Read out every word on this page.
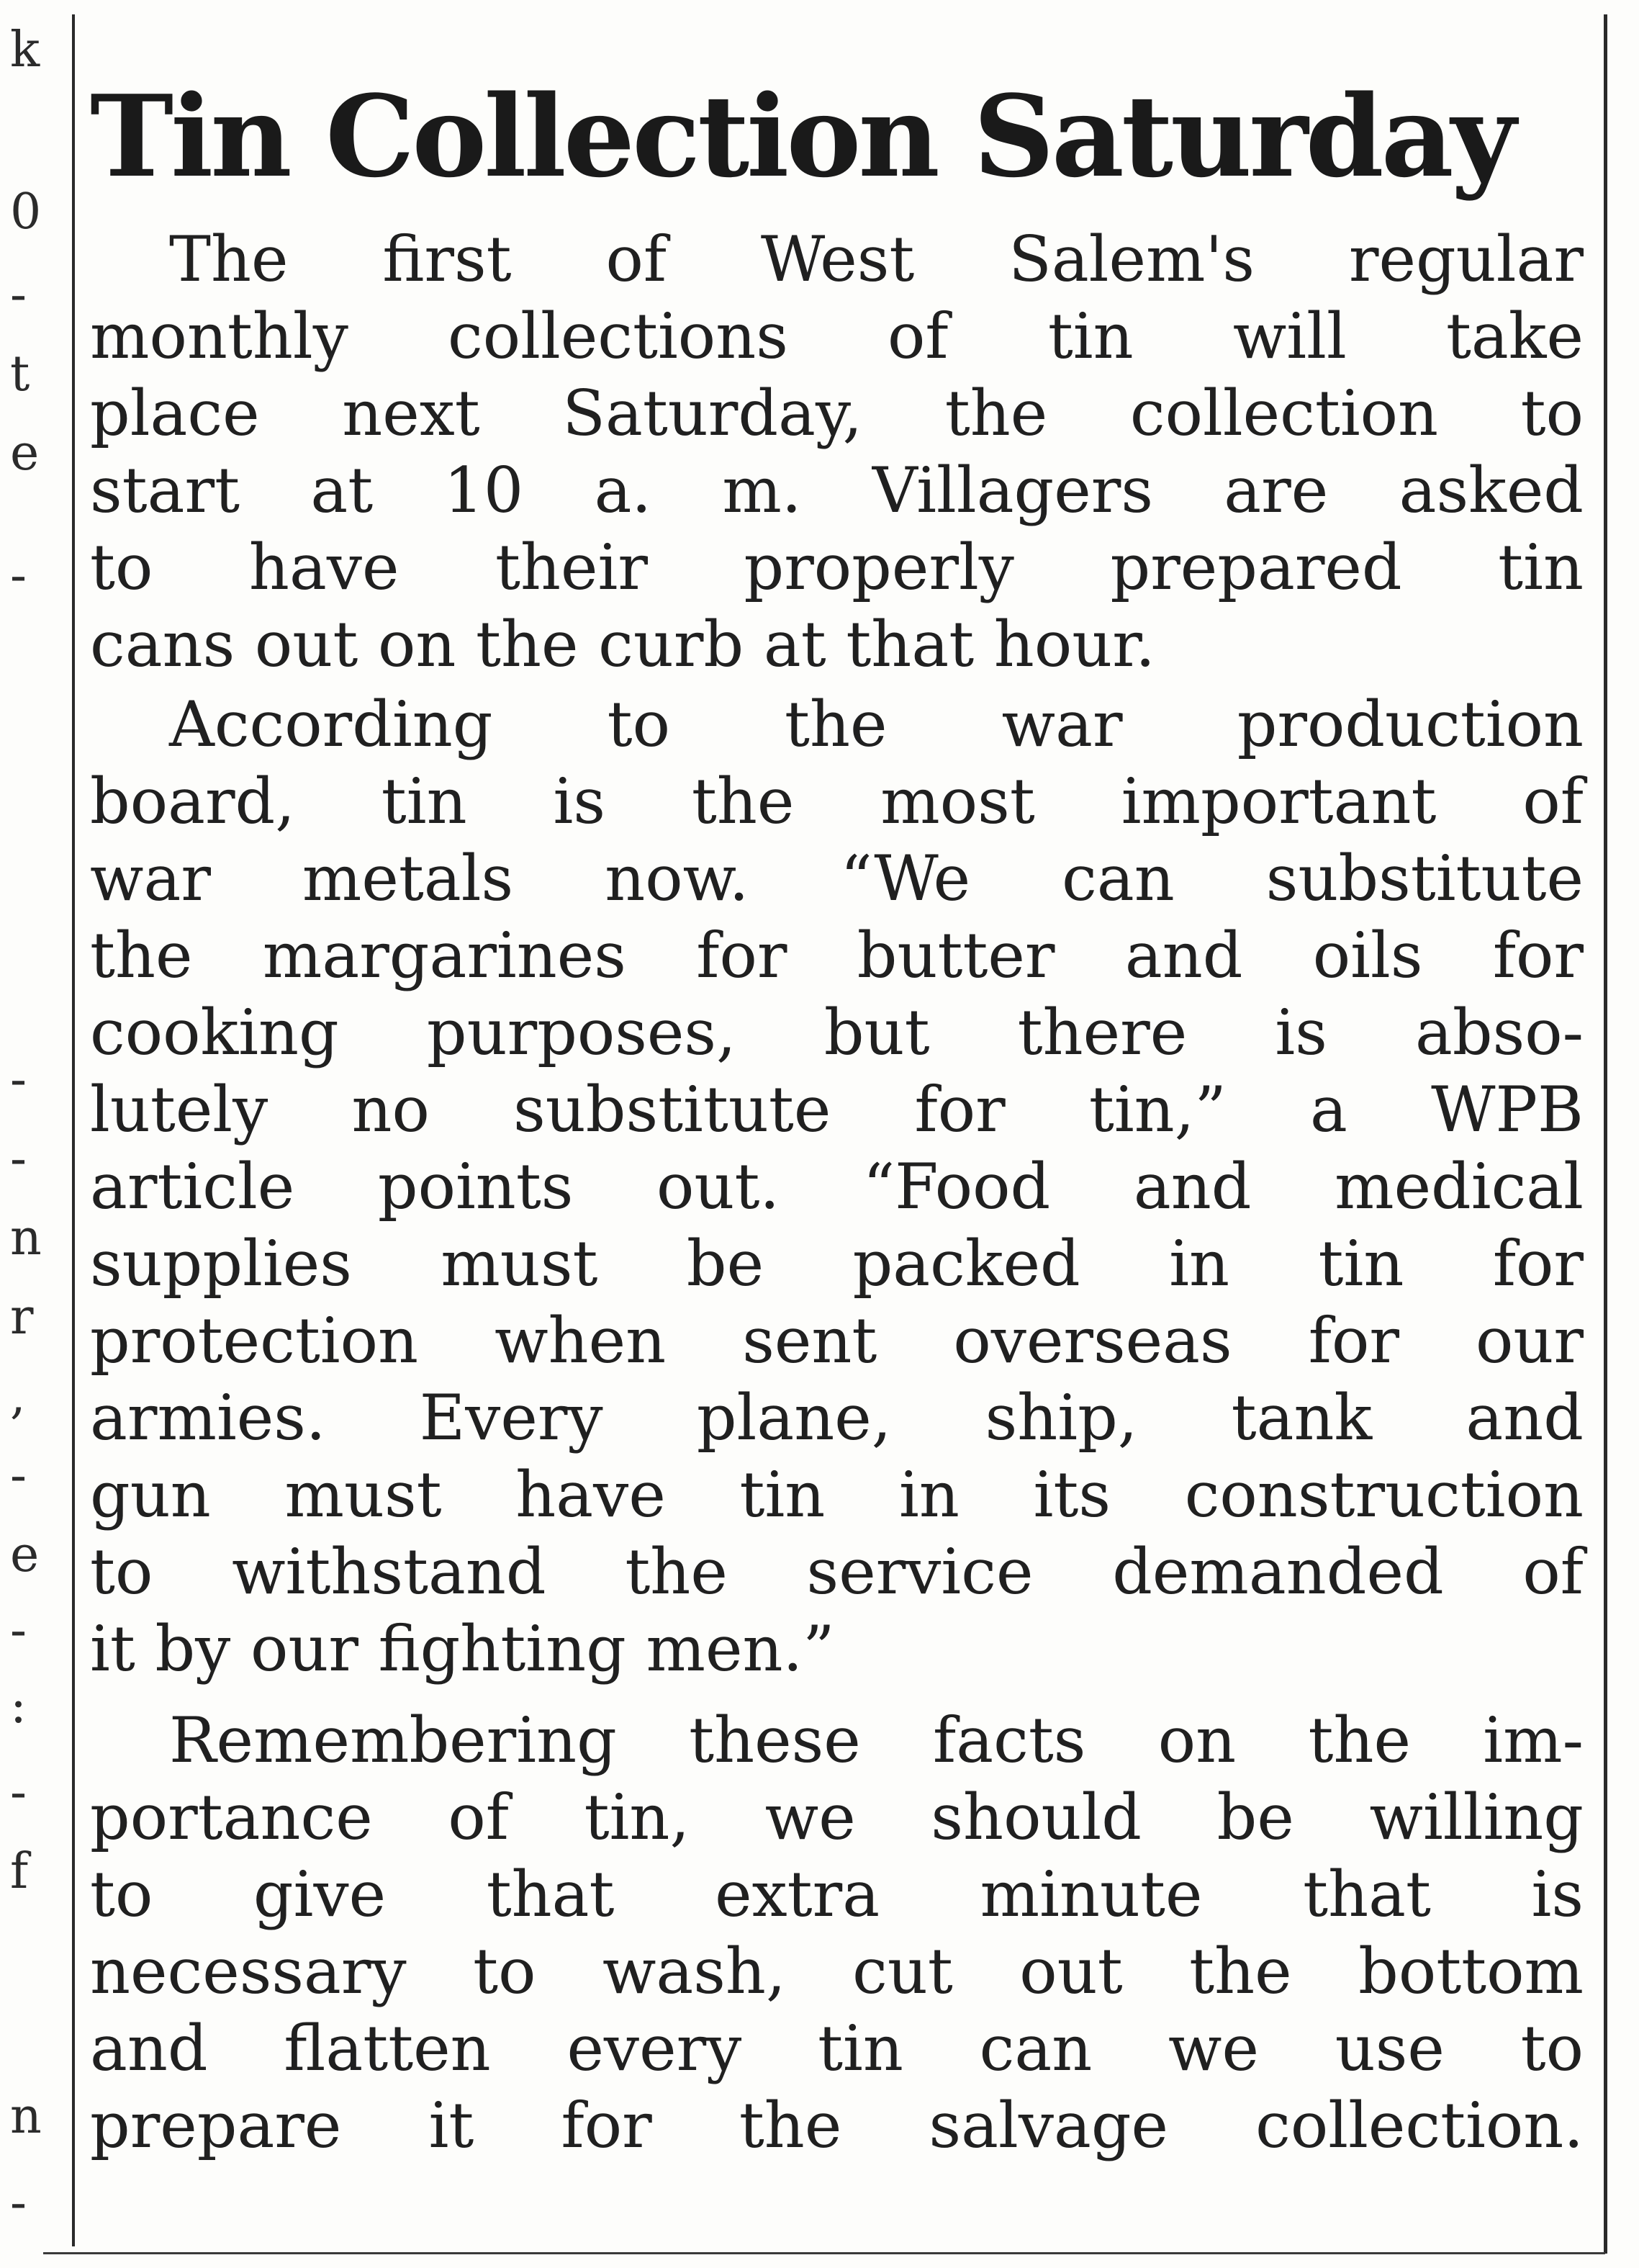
k
0
-
t
e
-
-
-
n
r
,
-
e
-
:
-
f
n
-
Tin Collection Saturday

The first of West Salem's regular
monthly collections of tin will take
place next Saturday, the collection to
start at 10 a. m. Villagers are asked
to have their properly prepared tin
cans out on the curb at that hour.

According to the war production
board, tin is the most important of
war metals now. “We can substitute
the margarines for butter and oils for
cooking purposes, but there is abso-
lutely no substitute for tin,” a WPB
article points out. “Food and medical
supplies must be packed in tin for
protection when sent overseas for our
armies. Every plane, ship, tank and
gun must have tin in its construction
to withstand the service demanded of
it by our fighting men.”

Remembering these facts on the im-
portance of tin, we should be willing
to give that extra minute that is
necessary to wash, cut out the bottom
and flatten every tin can we use to
prepare it for the salvage collection.
